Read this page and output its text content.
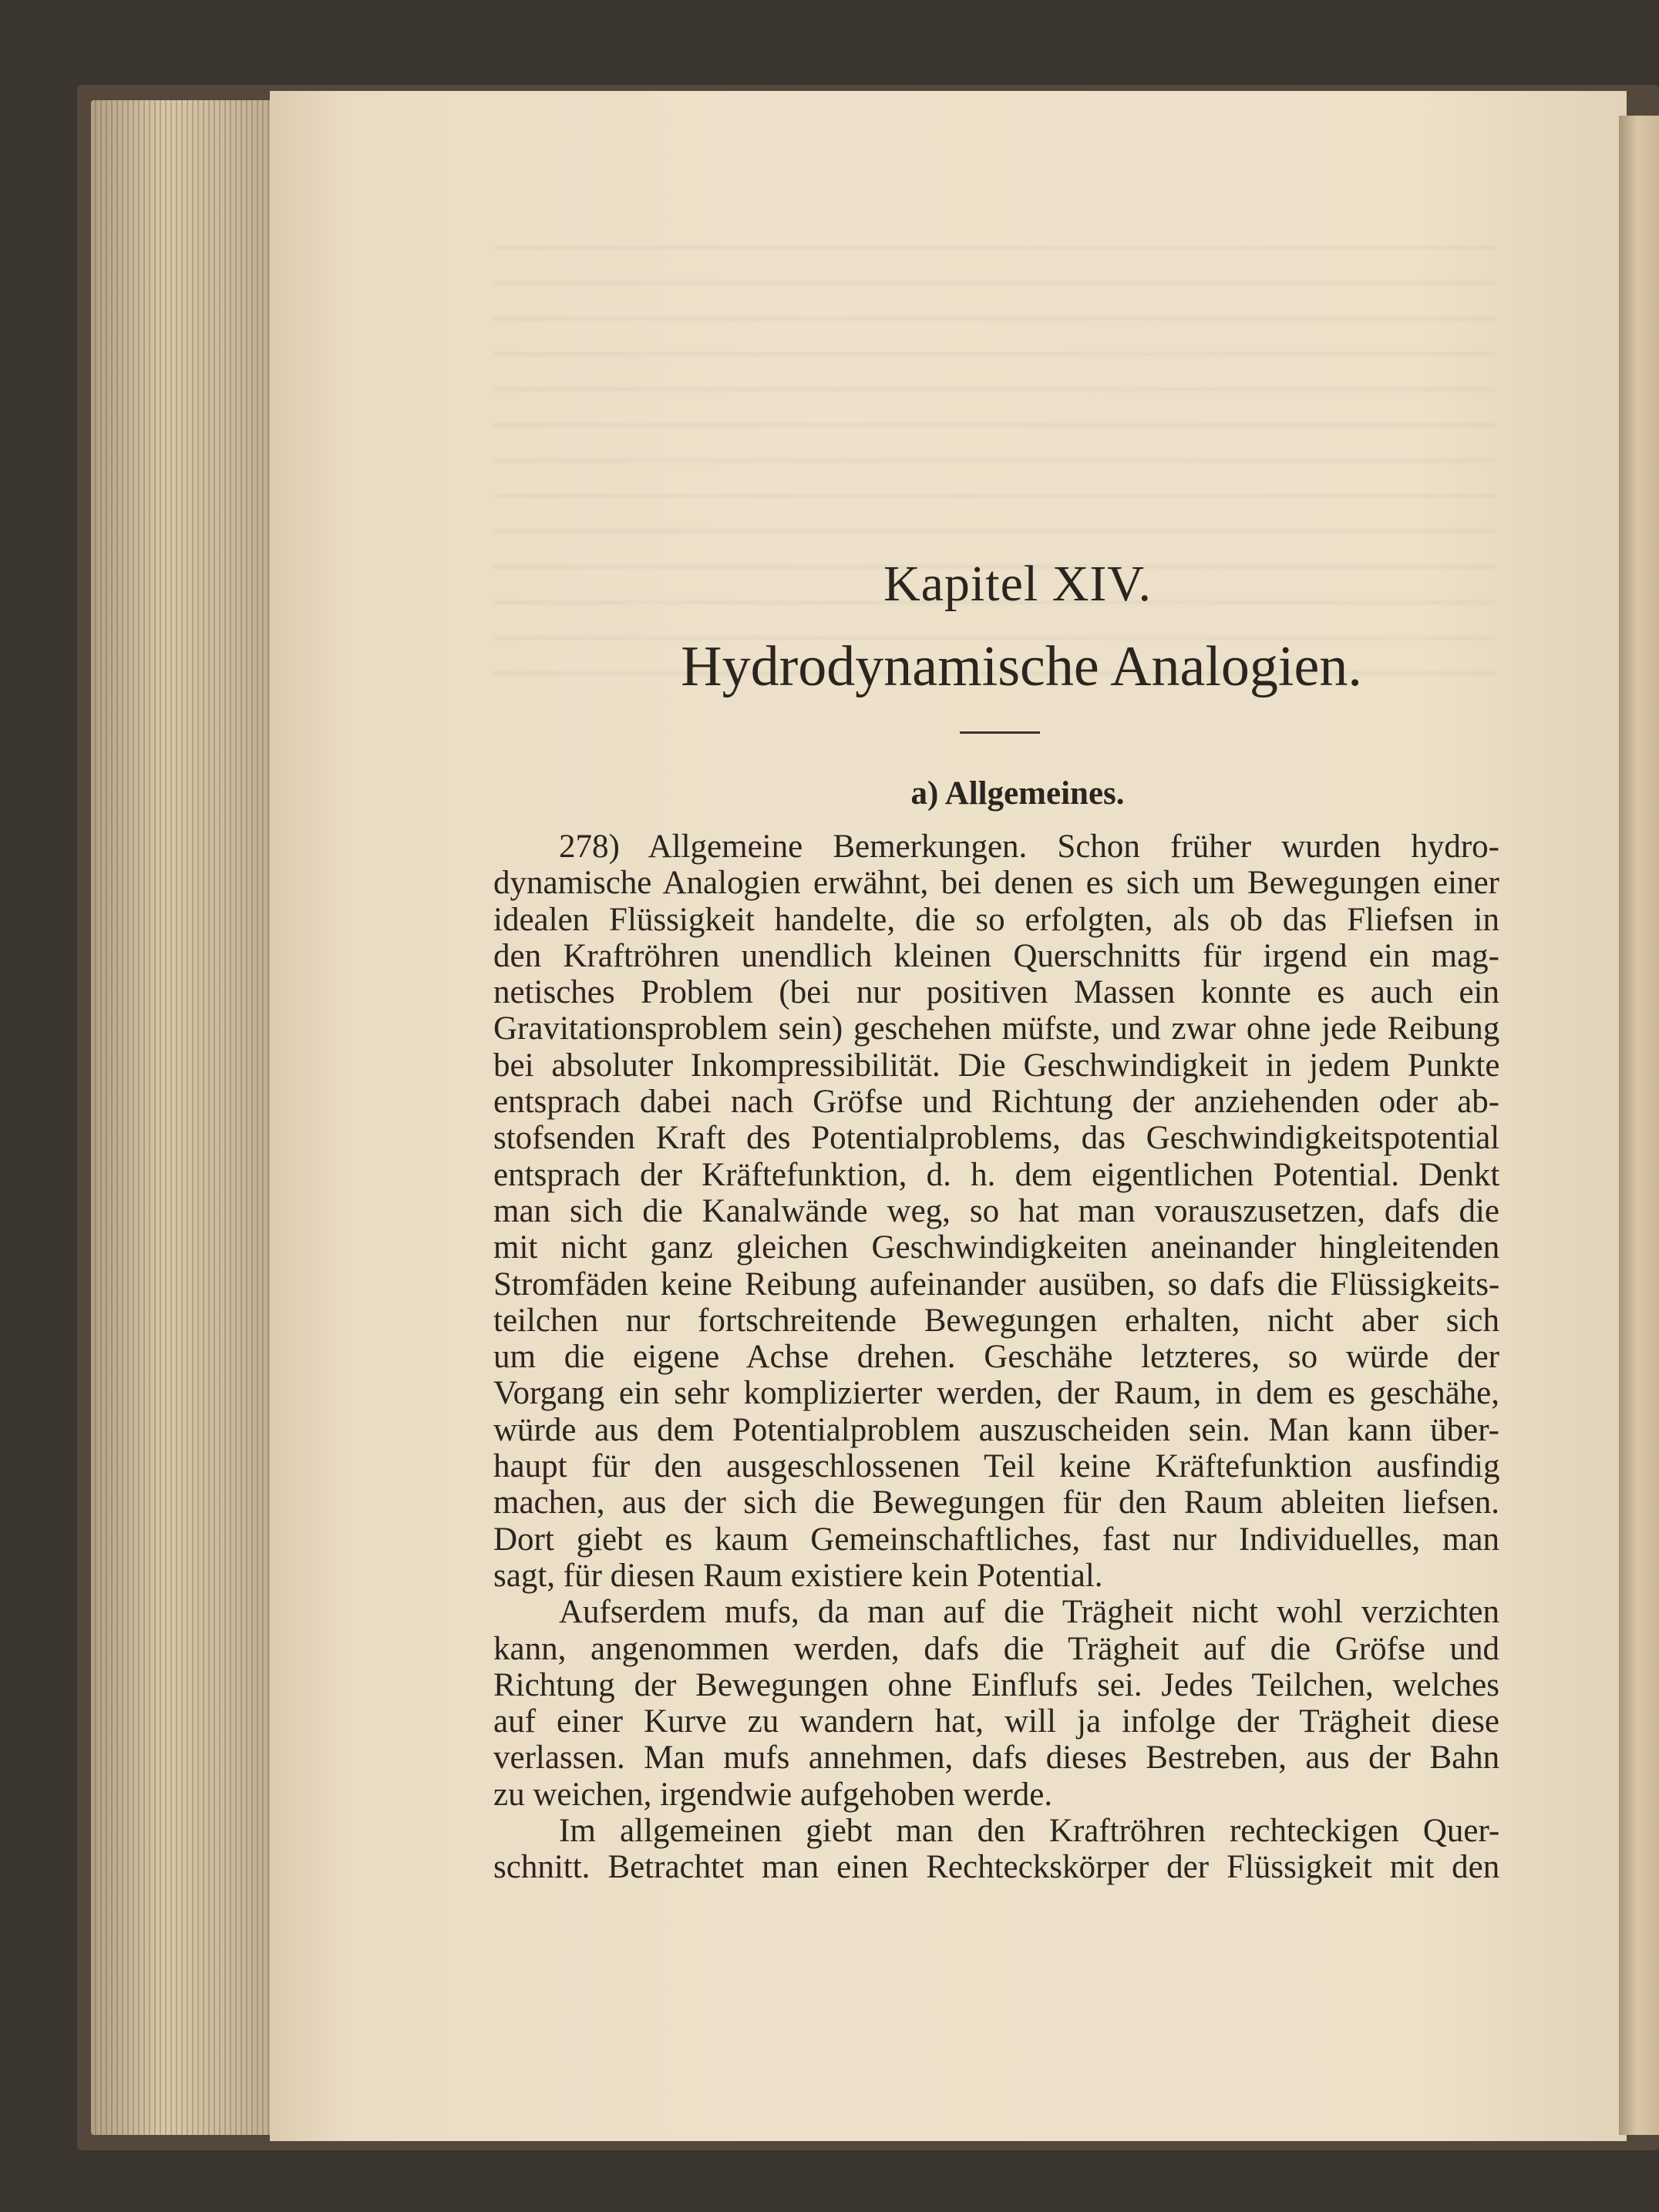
Kapitel XIV.
Hydrodynamische Analogien.
a) Allgemeines.
278) Allgemeine Bemerkungen. Schon früher wurden hydro-
dynamische Analogien erwähnt, bei denen es sich um Bewegungen einer
idealen Flüssigkeit handelte, die so erfolgten, als ob das Fliefsen in
den Kraftröhren unendlich kleinen Querschnitts für irgend ein mag-
netisches Problem (bei nur positiven Massen konnte es auch ein
Gravitationsproblem sein) geschehen müfste, und zwar ohne jede Reibung
bei absoluter Inkompressibilität. Die Geschwindigkeit in jedem Punkte
entsprach dabei nach Gröfse und Richtung der anziehenden oder ab-
stofsenden Kraft des Potentialproblems, das Geschwindigkeitspotential
entsprach der Kräftefunktion, d. h. dem eigentlichen Potential. Denkt
man sich die Kanalwände weg, so hat man vorauszusetzen, dafs die
mit nicht ganz gleichen Geschwindigkeiten aneinander hingleitenden
Stromfäden keine Reibung aufeinander ausüben, so dafs die Flüssigkeits-
teilchen nur fortschreitende Bewegungen erhalten, nicht aber sich
um die eigene Achse drehen. Geschähe letzteres, so würde der
Vorgang ein sehr komplizierter werden, der Raum, in dem es geschähe,
würde aus dem Potentialproblem auszuscheiden sein. Man kann über-
haupt für den ausgeschlossenen Teil keine Kräftefunktion ausfindig
machen, aus der sich die Bewegungen für den Raum ableiten liefsen.
Dort giebt es kaum Gemeinschaftliches, fast nur Individuelles, man
sagt, für diesen Raum existiere kein Potential.
Aufserdem mufs, da man auf die Trägheit nicht wohl verzichten
kann, angenommen werden, dafs die Trägheit auf die Gröfse und
Richtung der Bewegungen ohne Einflufs sei. Jedes Teilchen, welches
auf einer Kurve zu wandern hat, will ja infolge der Trägheit diese
verlassen. Man mufs annehmen, dafs dieses Bestreben, aus der Bahn
zu weichen, irgendwie aufgehoben werde.
Im allgemeinen giebt man den Kraftröhren rechteckigen Quer-
schnitt. Betrachtet man einen Rechteckskörper der Flüssigkeit mit den
